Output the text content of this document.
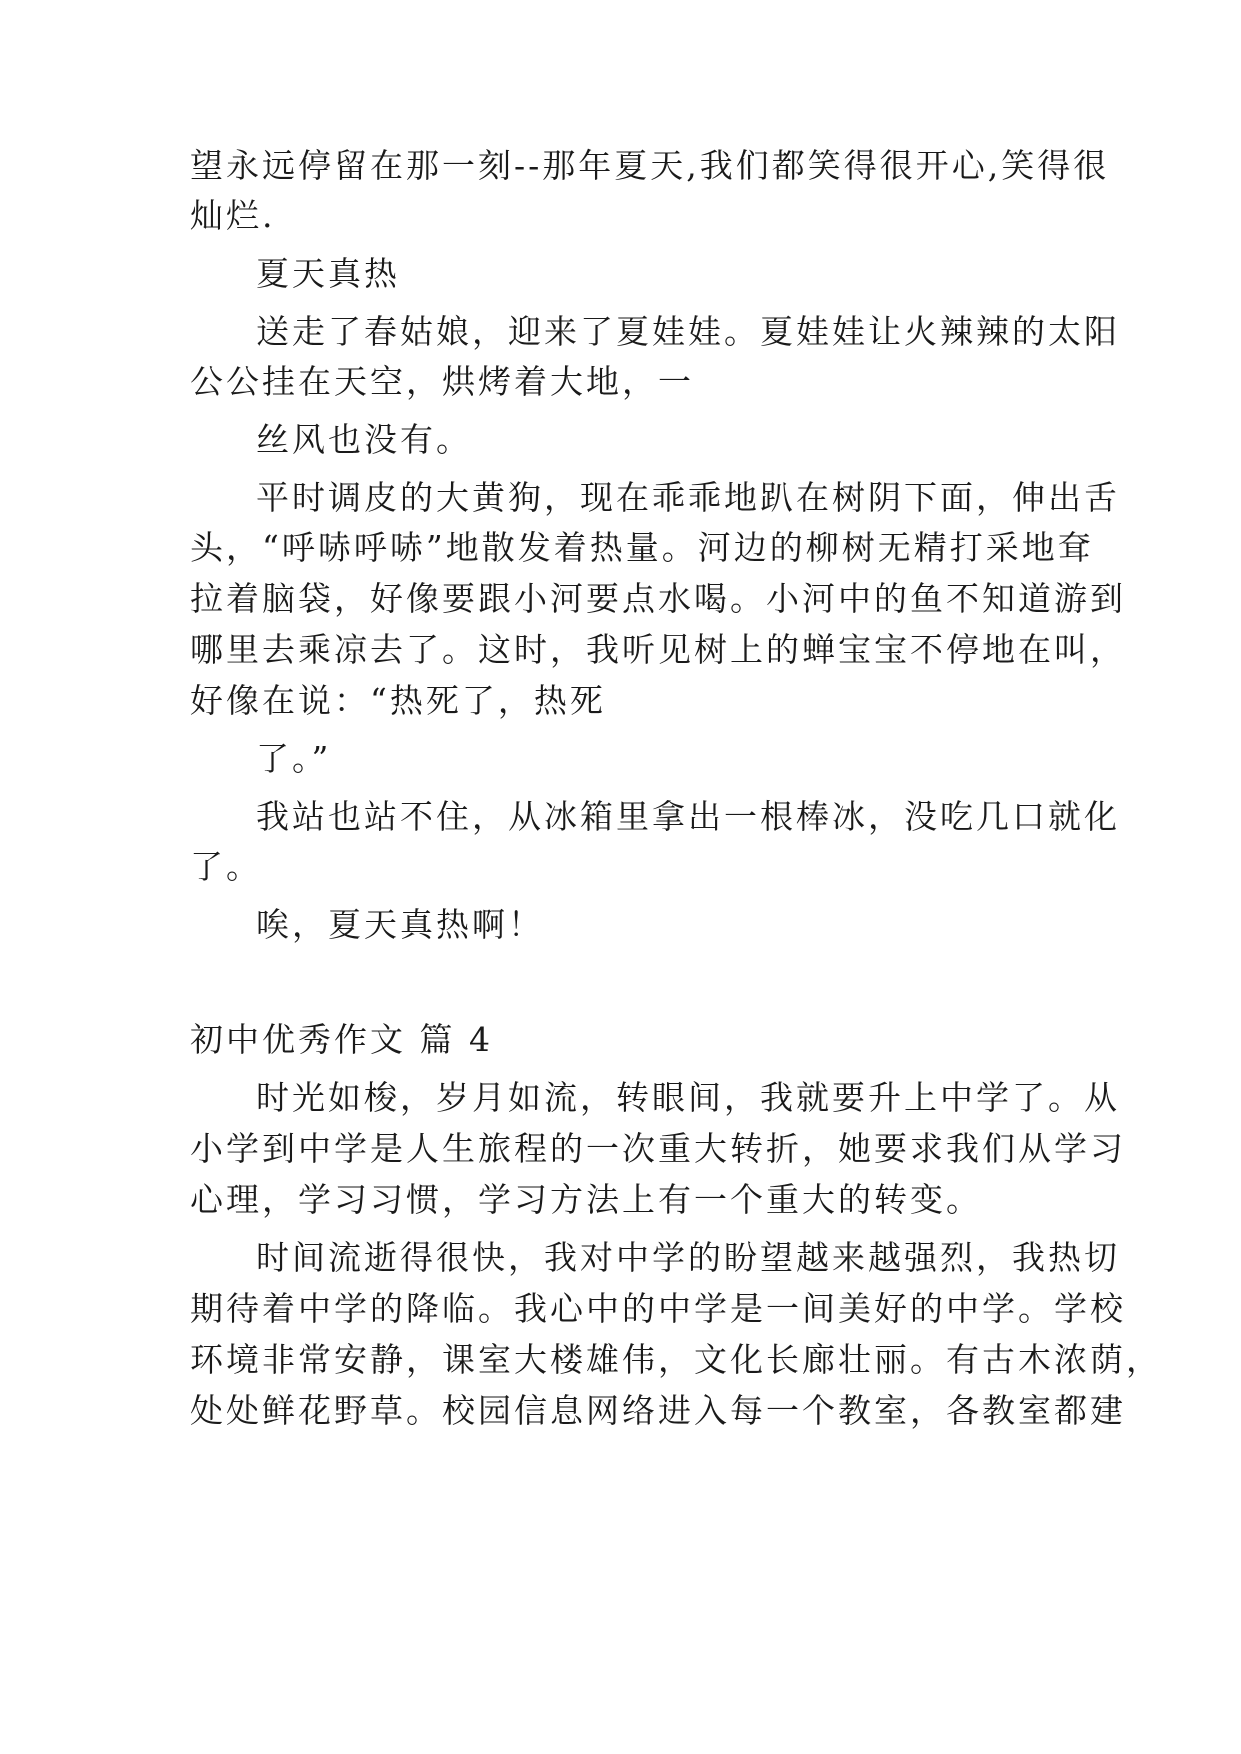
望永远停留在那一刻--那年夏天,我们都笑得很开心,笑得很
灿烂.
夏天真热
送走了春姑娘，迎来了夏娃娃。夏娃娃让火辣辣的太阳
公公挂在天空，烘烤着大地，一
丝风也没有。
平时调皮的大黄狗，现在乖乖地趴在树阴下面，伸出舌
头，“呼哧呼哧”地散发着热量。河边的柳树无精打采地耷
拉着脑袋，好像要跟小河要点水喝。小河中的鱼不知道游到
哪里去乘凉去了。这时，我听见树上的蝉宝宝不停地在叫，
好像在说：“热死了，热死
了。”
我站也站不住，从冰箱里拿出一根棒冰，没吃几口就化
了。
唉，夏天真热啊！
初中优秀作文 篇 4
时光如梭，岁月如流，转眼间，我就要升上中学了。从
小学到中学是人生旅程的一次重大转折，她要求我们从学习
心理，学习习惯，学习方法上有一个重大的转变。
时间流逝得很快，我对中学的盼望越来越强烈，我热切
期待着中学的降临。我心中的中学是一间美好的中学。学校
环境非常安静，课室大楼雄伟，文化长廊壮丽。有古木浓荫，
处处鲜花野草。校园信息网络进入每一个教室，各教室都建
